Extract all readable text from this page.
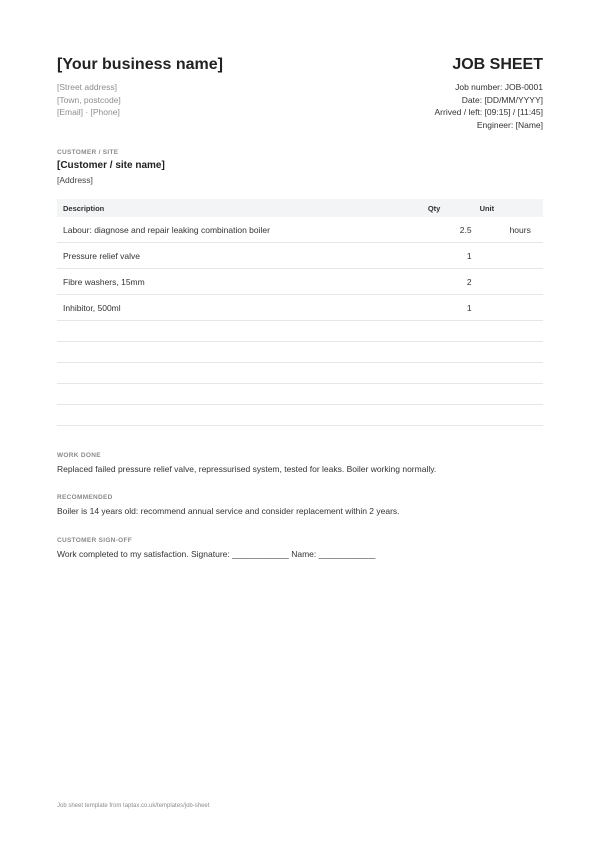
[Your business name]
[Street address]
[Town, postcode]
[Email] · [Phone]
JOB SHEET
Job number: JOB-0001
Date: [DD/MM/YYYY]
Arrived / left: [09:15] / [11:45]
Engineer: [Name]
CUSTOMER / SITE
[Customer / site name]
[Address]
Description	Qty	Unit
Labour: diagnose and repair leaking combination boiler	2.5	hours
Pressure relief valve	1	
Fibre washers, 15mm	2	
Inhibitor, 500ml	1	

WORK DONE
Replaced failed pressure relief valve, repressurised system, tested for leaks. Boiler working normally.
RECOMMENDED
Boiler is 14 years old: recommend annual service and consider replacement within 2 years.
CUSTOMER SIGN-OFF
Work completed to my satisfaction. Signature: ____________ Name: ____________
Job sheet template from taptax.co.uk/templates/job-sheet
